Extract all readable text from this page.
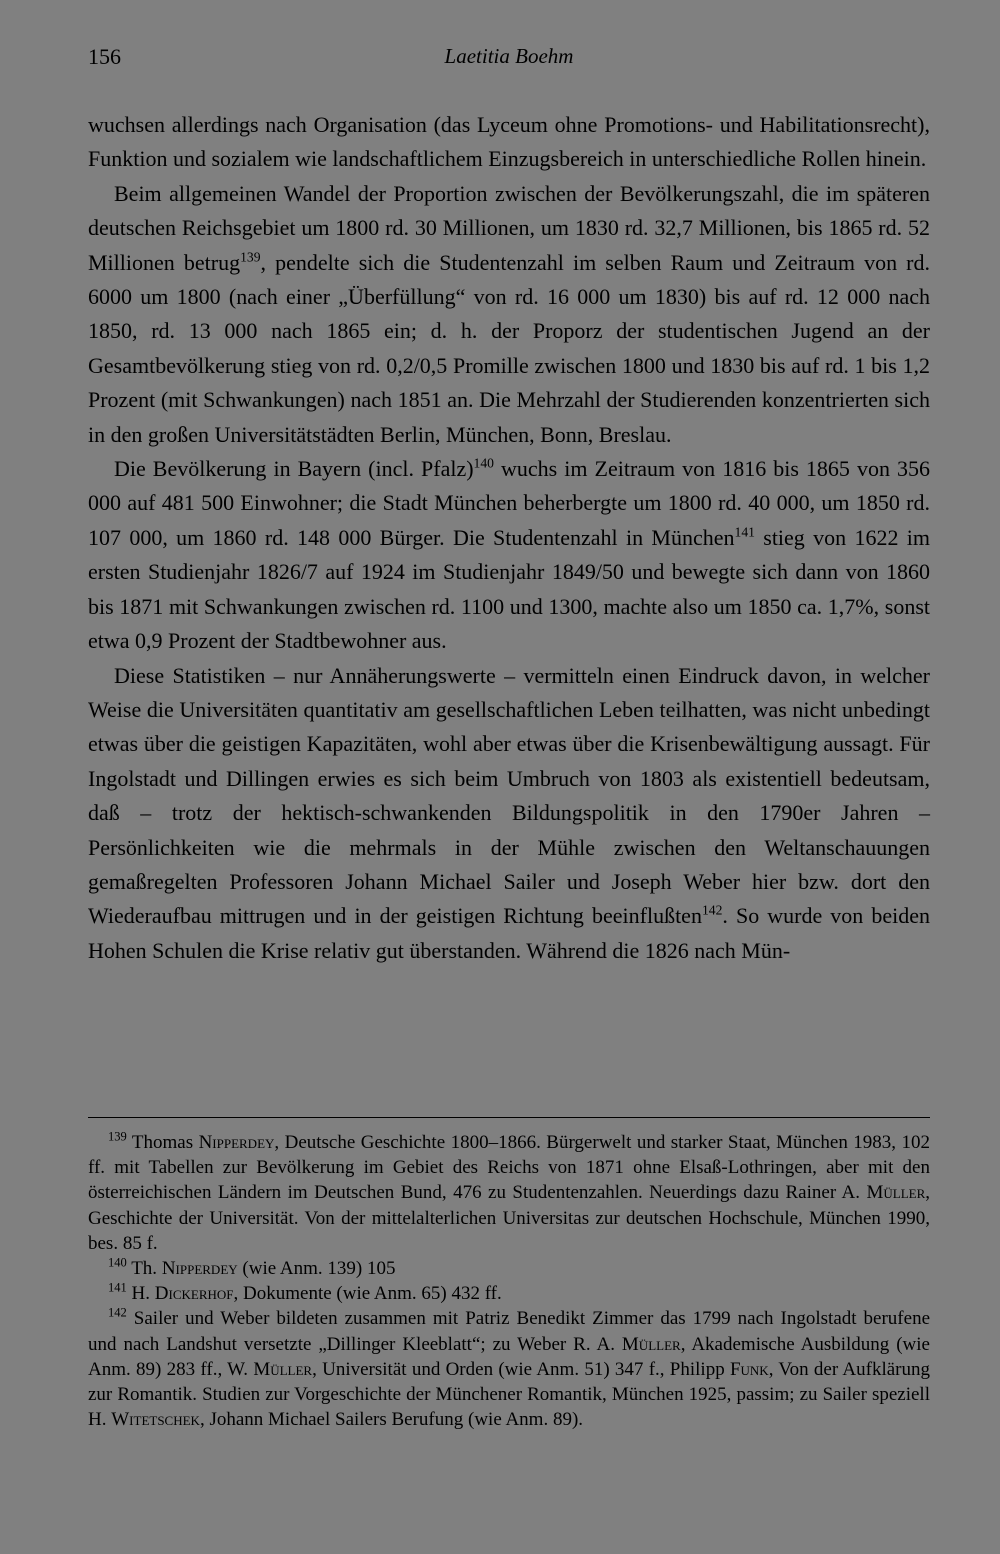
156	Laetitia Boehm

wuchsen allerdings nach Organisation (das Lyceum ohne Promotions- und Habilitationsrecht), Funktion und sozialem wie landschaftlichem Einzugsbereich in unterschiedliche Rollen hinein.

Beim allgemeinen Wandel der Proportion zwischen der Bevölkerungszahl, die im späteren deutschen Reichsgebiet um 1800 rd. 30 Millionen, um 1830 rd. 32,7 Millionen, bis 1865 rd. 52 Millionen betrug$^{139}$, pendelte sich die Studentenzahl im selben Raum und Zeitraum von rd. 6000 um 1800 (nach einer „Überfüllung“ von rd. 16 000 um 1830) bis auf rd. 12 000 nach 1850, rd. 13 000 nach 1865 ein; d. h. der Proporz der studentischen Jugend an der Gesamtbevölkerung stieg von rd. 0,2/0,5 Promille zwischen 1800 und 1830 bis auf rd. 1 bis 1,2 Prozent (mit Schwankungen) nach 1851 an. Die Mehrzahl der Studierenden konzentrierten sich in den großen Universitätstädten Berlin, München, Bonn, Breslau.

Die Bevölkerung in Bayern (incl. Pfalz)$^{140}$ wuchs im Zeitraum von 1816 bis 1865 von 356 000 auf 481 500 Einwohner; die Stadt München beherbergte um 1800 rd. 40 000, um 1850 rd. 107 000, um 1860 rd. 148 000 Bürger. Die Studentenzahl in München$^{141}$ stieg von 1622 im ersten Studienjahr 1826/7 auf 1924 im Studienjahr 1849/50 und bewegte sich dann von 1860 bis 1871 mit Schwankungen zwischen rd. 1100 und 1300, machte also um 1850 ca. 1,7%, sonst etwa 0,9 Prozent der Stadtbewohner aus.

Diese Statistiken – nur Annäherungswerte – vermitteln einen Eindruck davon, in welcher Weise die Universitäten quantitativ am gesellschaftlichen Leben teilhatten, was nicht unbedingt etwas über die geistigen Kapazitäten, wohl aber etwas über die Krisenbewältigung aussagt. Für Ingolstadt und Dillingen erwies es sich beim Umbruch von 1803 als existentiell bedeutsam, daß – trotz der hektisch-schwankenden Bildungspolitik in den 1790er Jahren – Persönlichkeiten wie die mehrmals in der Mühle zwischen den Weltanschauungen gemaßregelten Professoren Johann Michael Sailer und Joseph Weber hier bzw. dort den Wiederaufbau mittrugen und in der geistigen Richtung beeinflußten$^{142}$. So wurde von beiden Hohen Schulen die Krise relativ gut überstanden. Während die 1826 nach Mün-

$^{139}$ Thomas Nipperdey, Deutsche Geschichte 1800–1866. Bürgerwelt und starker Staat, München 1983, 102 ff. mit Tabellen zur Bevölkerung im Gebiet des Reichs von 1871 ohne Elsaß-Lothringen, aber mit den österreichischen Ländern im Deutschen Bund, 476 zu Studentenzahlen. Neuerdings dazu Rainer A. Müller, Geschichte der Universität. Von der mittelalterlichen Universitas zur deutschen Hochschule, München 1990, bes. 85 f.

$^{140}$ Th. Nipperdey (wie Anm. 139) 105

$^{141}$ H. Dickerhof, Dokumente (wie Anm. 65) 432 ff.

$^{142}$ Sailer und Weber bildeten zusammen mit Patriz Benedikt Zimmer das 1799 nach Ingolstadt berufene und nach Landshut versetzte „Dillinger Kleeblatt“; zu Weber R. A. Müller, Akademische Ausbildung (wie Anm. 89) 283 ff., W. Müller, Universität und Orden (wie Anm. 51) 347 f., Philipp Funk, Von der Aufklärung zur Romantik. Studien zur Vorgeschichte der Münchener Romantik, München 1925, passim; zu Sailer speziell H. Witetschek, Johann Michael Sailers Berufung (wie Anm. 89).
